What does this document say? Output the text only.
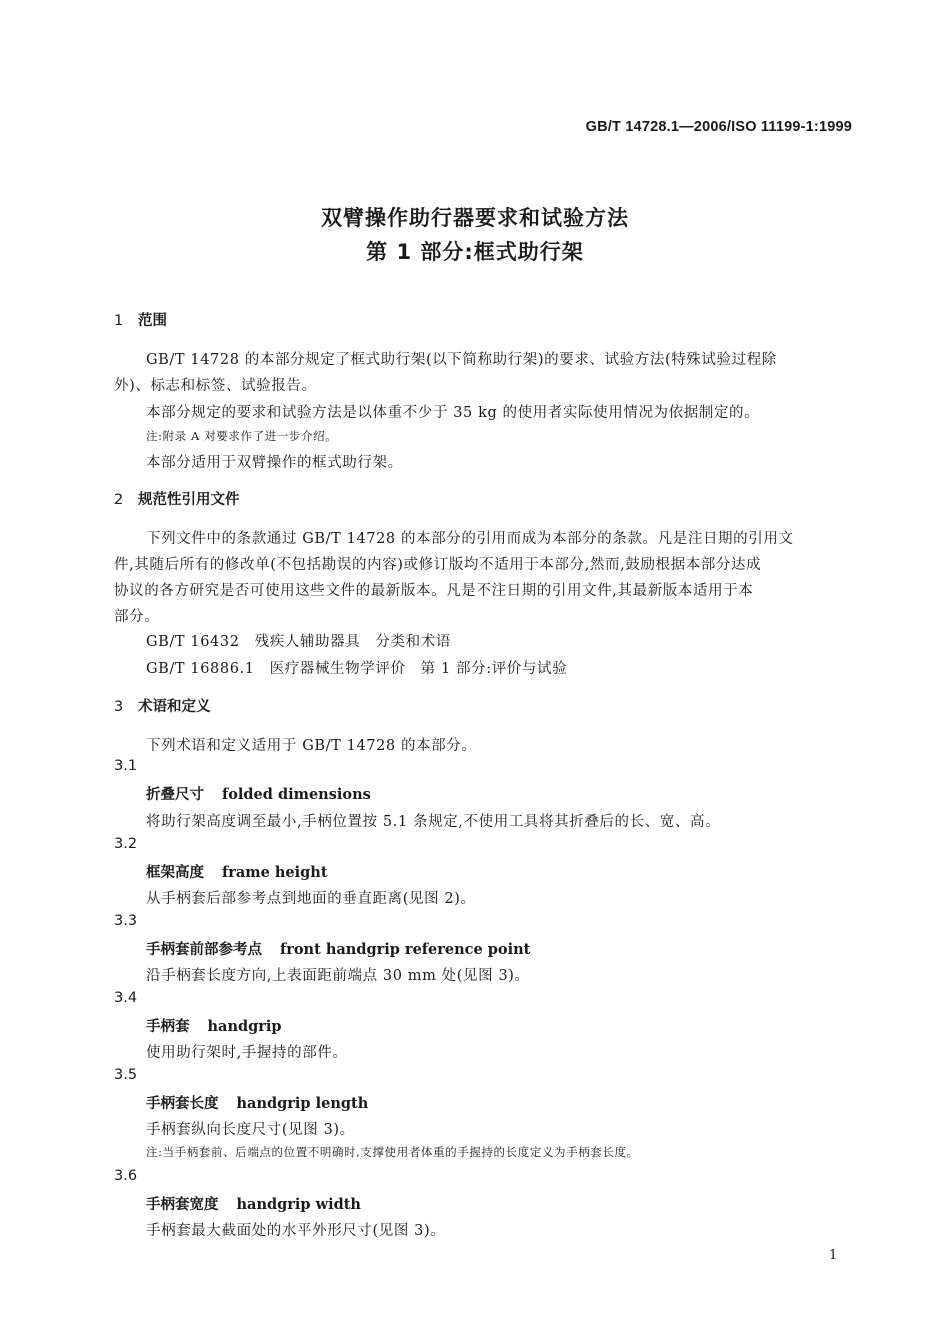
GB/T 14728.1—2006/ISO 11199-1:1999
双臂操作助行器要求和试验方法
第 1 部分:框式助行架
1 范围
GB/T 14728 的本部分规定了框式助行架(以下简称助行架)的要求、试验方法(特殊试验过程除
外)、标志和标签、试验报告。
本部分规定的要求和试验方法是以体重不少于 35 kg 的使用者实际使用情况为依据制定的。
注:附录 A 对要求作了进一步介绍。
本部分适用于双臂操作的框式助行架。
2 规范性引用文件
下列文件中的条款通过 GB/T 14728 的本部分的引用而成为本部分的条款。凡是注日期的引用文
件,其随后所有的修改单(不包括勘误的内容)或修订版均不适用于本部分,然而,鼓励根据本部分达成
协议的各方研究是否可使用这些文件的最新版本。凡是不注日期的引用文件,其最新版本适用于本
部分。
GB/T 16432　残疾人辅助器具　分类和术语
GB/T 16886.1　医疗器械生物学评价　第 1 部分:评价与试验
3 术语和定义
下列术语和定义适用于 GB/T 14728 的本部分。
3.1
折叠尺寸 folded dimensions
将助行架高度调至最小,手柄位置按 5.1 条规定,不使用工具将其折叠后的长、宽、高。
3.2
框架高度 frame height
从手柄套后部参考点到地面的垂直距离(见图 2)。
3.3
手柄套前部参考点 front handgrip reference point
沿手柄套长度方向,上表面距前端点 30 mm 处(见图 3)。
3.4
手柄套 handgrip
使用助行架时,手握持的部件。
3.5
手柄套长度 handgrip length
手柄套纵向长度尺寸(见图 3)。
注:当手柄套前、后端点的位置不明确时,支撑使用者体重的手握持的长度定义为手柄套长度。
3.6
手柄套宽度 handgrip width
手柄套最大截面处的水平外形尺寸(见图 3)。
1
